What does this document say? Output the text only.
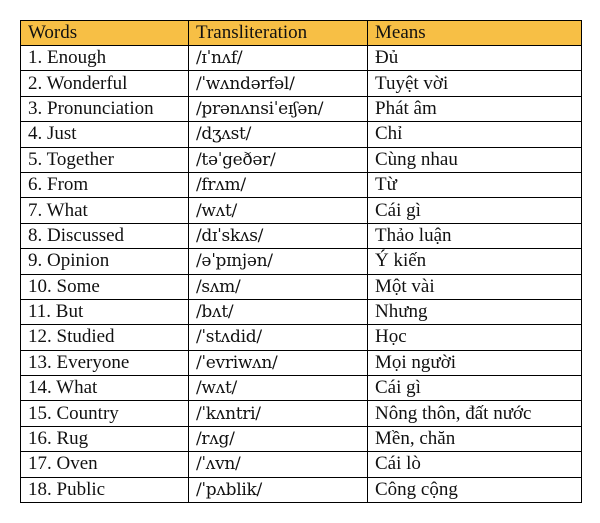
Words	Transliteration	Means
1. Enough	/ɪˈnʌf/	Đủ
2. Wonderful	/ˈwʌndərfəl/	Tuyệt vời
3. Pronunciation	/prənʌnsiˈeɪʃən/	Phát âm
4. Just	/dʒʌst/	Chỉ
5. Together	/təˈgeðər/	Cùng nhau
6. From	/frʌm/	Từ
7. What	/wʌt/	Cái gì
8. Discussed	/dɪˈskʌs/	Thảo luận
9. Opinion	/əˈpɪnjən/	Ý kiến
10. Some	/sʌm/	Một vài
11. But	/bʌt/	Nhưng
12. Studied	/ˈstʌdid/	Học
13. Everyone	/ˈevriwʌn/	Mọi người
14. What	/wʌt/	Cái gì
15. Country	/ˈkʌntri/	Nông thôn, đất nước
16. Rug	/rʌg/	Mền, chăn
17. Oven	/ˈʌvn/	Cái lò
18. Public	/ˈpʌblik/	Công cộng
